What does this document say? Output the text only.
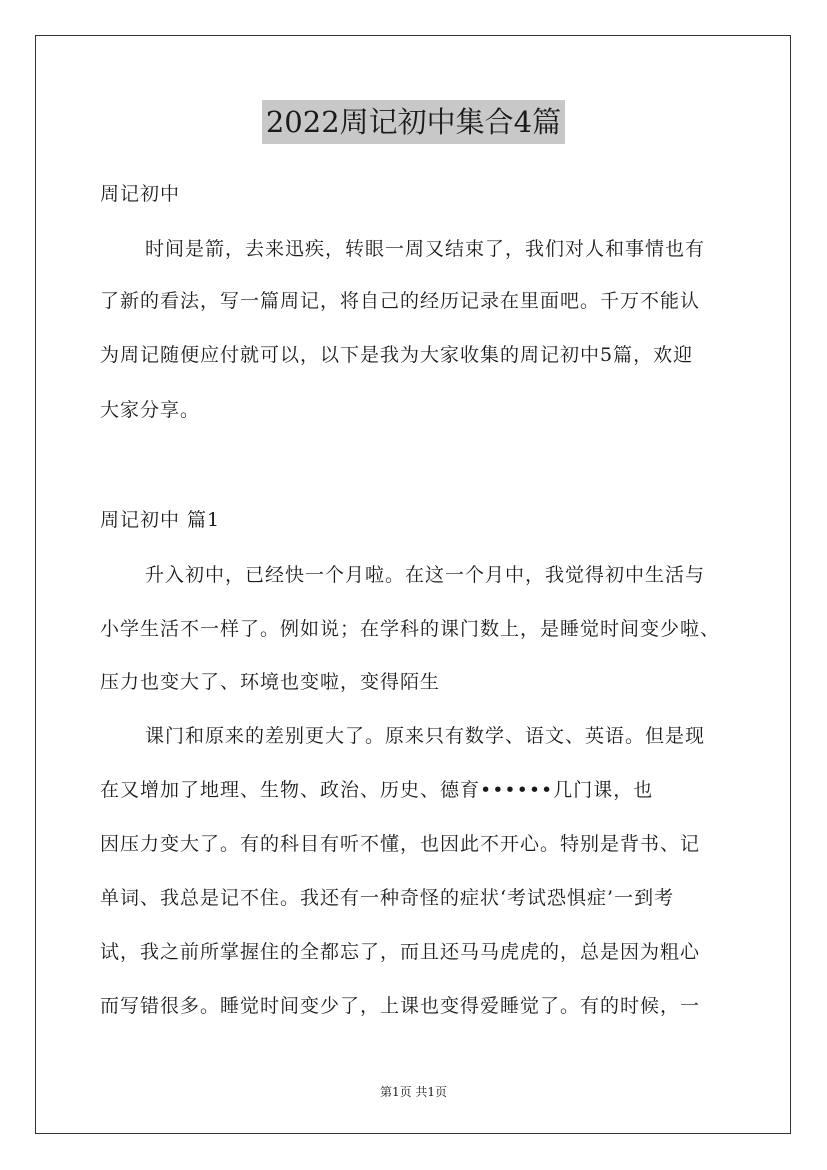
2022周记初中集合4篇
周记初中
时间是箭，去来迅疾，转眼一周又结束了，我们对人和事情也有
了新的看法，写一篇周记，将自己的经历记录在里面吧。千万不能认
为周记随便应付就可以，以下是我为大家收集的周记初中5篇，欢迎
大家分享。
周记初中 篇1
升入初中，已经快一个月啦。在这一个月中，我觉得初中生活与
小学生活不一样了。例如说；在学科的课门数上，是睡觉时间变少啦、
压力也变大了、环境也变啦，变得陌生
课门和原来的差别更大了。原来只有数学、语文、英语。但是现
在又增加了地理、生物、政治、历史、德育••••••几门课，也
因压力变大了。有的科目有听不懂，也因此不开心。特别是背书、记
单词、我总是记不住。我还有一种奇怪的症状‘考试恐惧症’一到考
试，我之前所掌握住的全都忘了，而且还马马虎虎的，总是因为粗心
而写错很多。睡觉时间变少了，上课也变得爱睡觉了。有的时候，一
第1页 共1页
